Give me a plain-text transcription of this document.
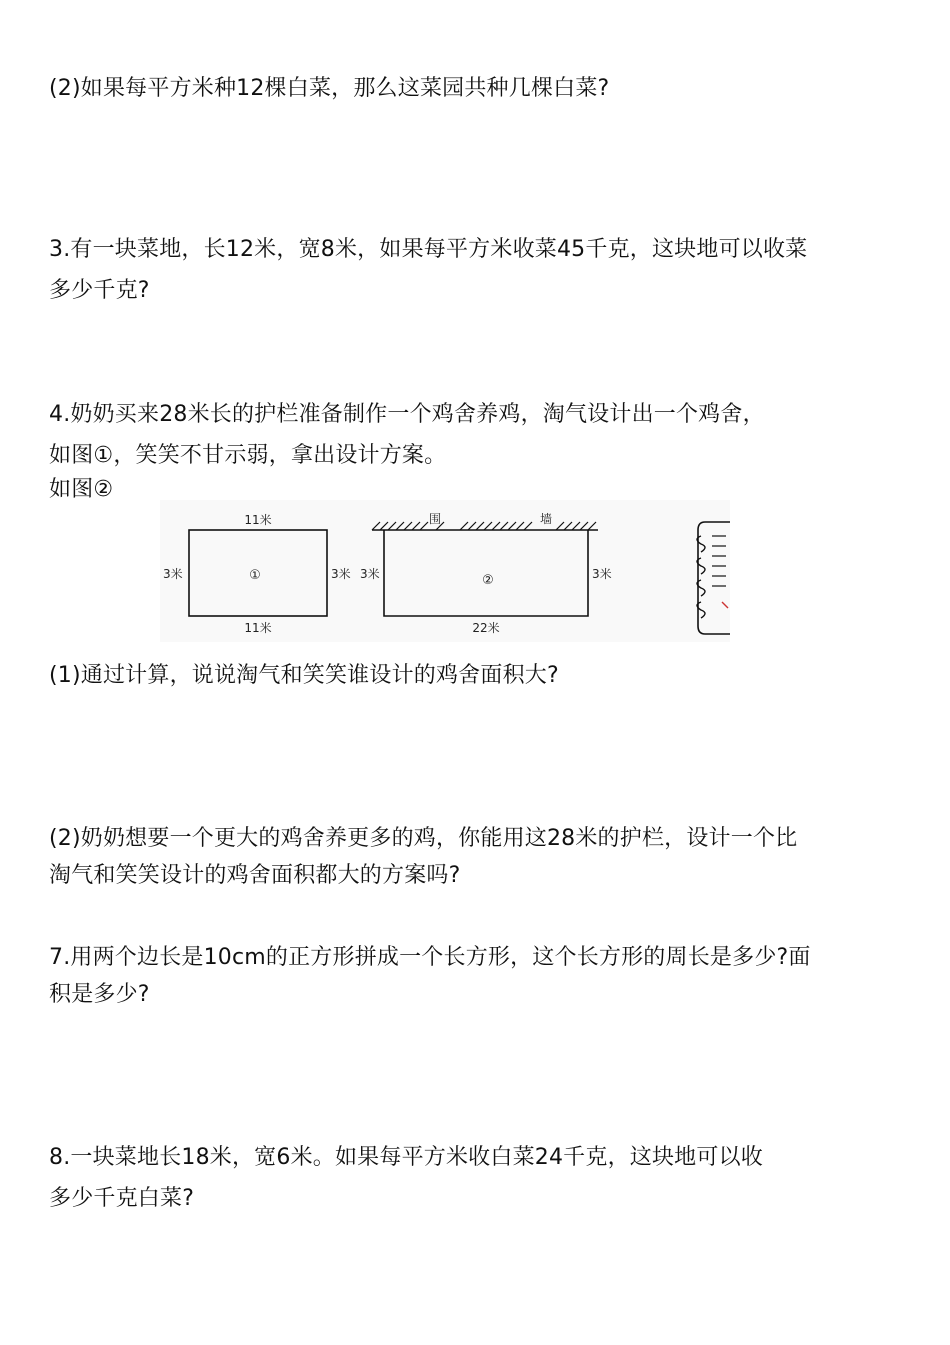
(2)如果每平方米种12棵白菜，那么这菜园共种几棵白菜?
3.有一块菜地，长12米，宽8米，如果每平方米收菜45千克，这块地可以收菜
多少千克?
4.奶奶买来28米长的护栏准备制作一个鸡舍养鸡，淘气设计出一个鸡舍，
如图①，笑笑不甘示弱，拿出设计方案。
如图②
11米
11米
3米	3米
①
围	墙
22米
3米	3米
②
(1)通过计算，说说淘气和笑笑谁设计的鸡舍面积大?
(2)奶奶想要一个更大的鸡舍养更多的鸡，你能用这28米的护栏，设计一个比
淘气和笑笑设计的鸡舍面积都大的方案吗?
7.用两个边长是10cm的正方形拼成一个长方形，这个长方形的周长是多少?面
积是多少?
8.一块菜地长18米，宽6米。如果每平方米收白菜24千克，这块地可以收
多少千克白菜?
